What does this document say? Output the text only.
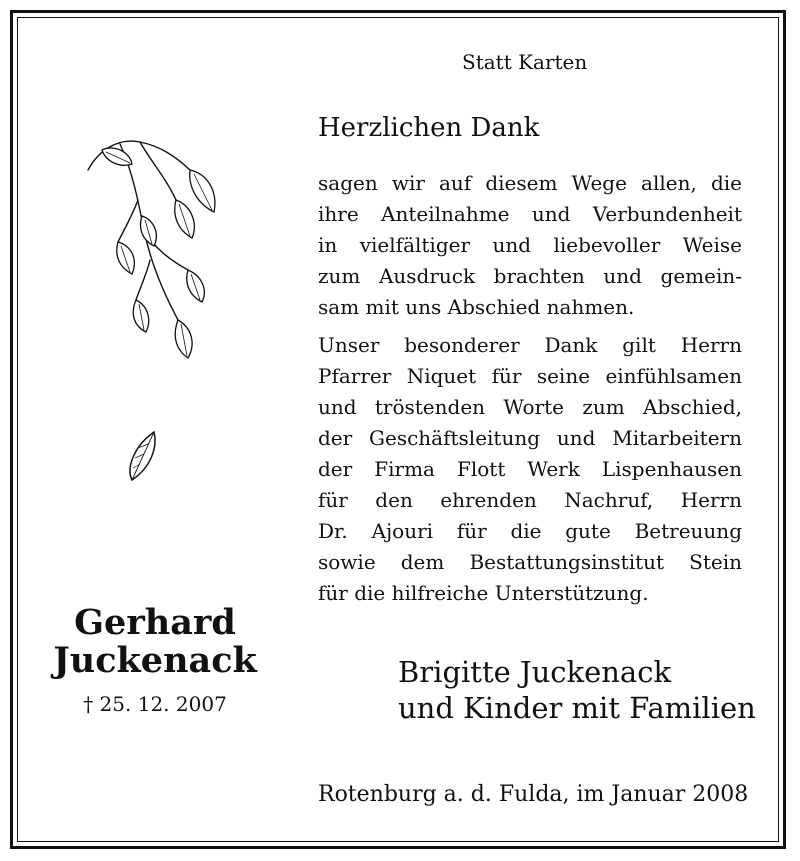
Statt Karten
Herzlichen Dank
sagen wir auf diesem Wege allen, die
ihre Anteilnahme und Verbundenheit
in vielfältiger und liebevoller Weise
zum Ausdruck brachten und gemein-
sam mit uns Abschied nahmen.
Unser besonderer Dank gilt Herrn
Pfarrer Niquet für seine einfühlsamen
und tröstenden Worte zum Abschied,
der Geschäftsleitung und Mitarbeitern
der Firma Flott Werk Lispenhausen
für den ehrenden Nachruf, Herrn
Dr. Ajouri für die gute Betreuung
sowie dem Bestattungsinstitut Stein
für die hilfreiche Unterstützung.
Gerhard
Juckenack
† 25. 12. 2007
Brigitte Juckenack
und Kinder mit Familien
Rotenburg a. d. Fulda, im Januar 2008
